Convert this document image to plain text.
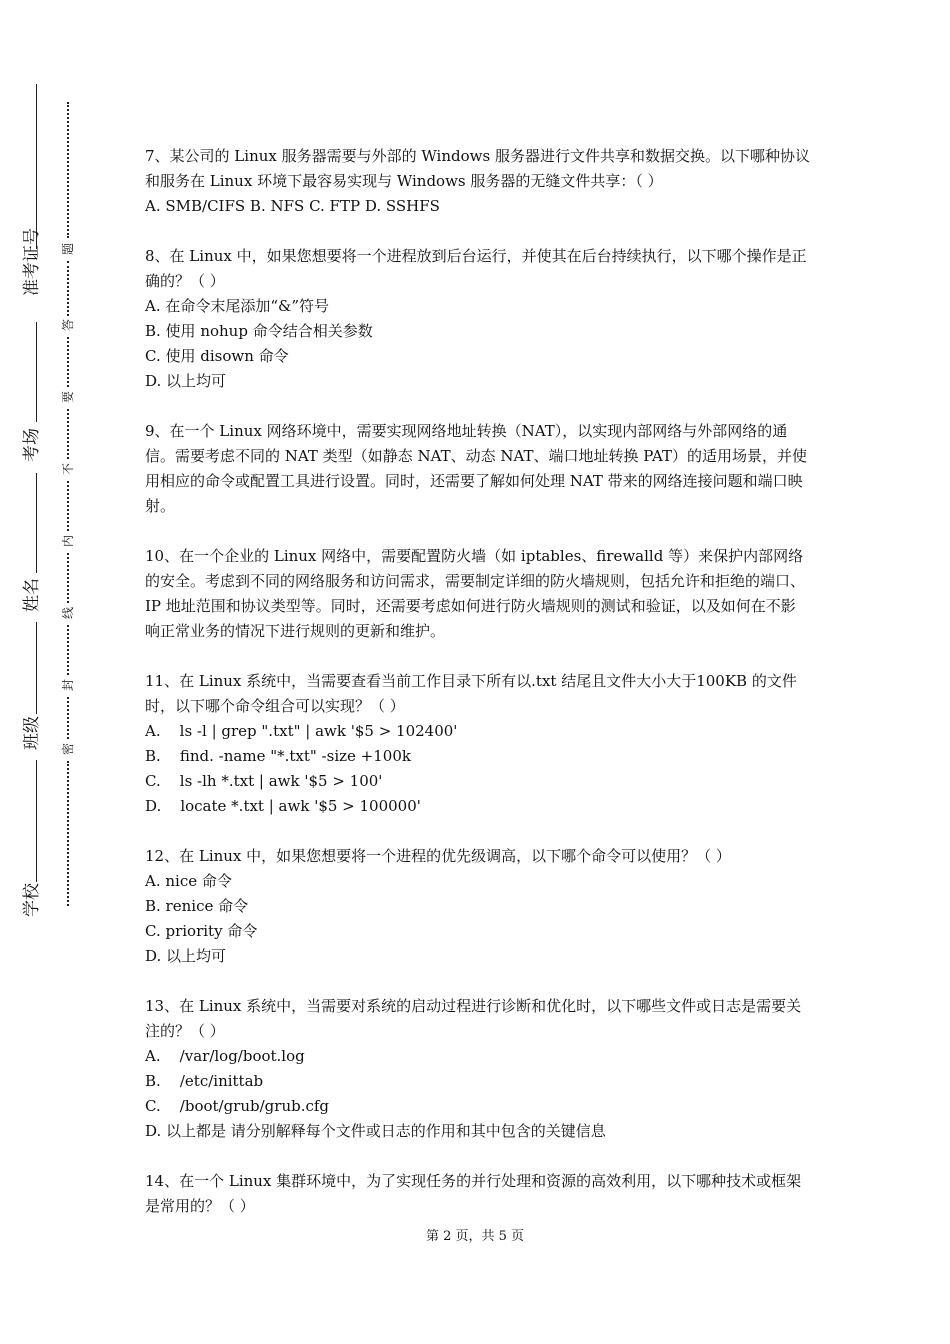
准考证号
考场
姓名
班级
学校
题
答
要
不
内
线
封
密

7、某公司的 Linux 服务器需要与外部的 Windows 服务器进行文件共享和数据交换。以下哪种协议和服务在 Linux 环境下最容易实现与 Windows 服务器的无缝文件共享：（ ）

A. SMB/CIFS B. NFS C. FTP D. SSHFS

8、在 Linux 中，如果您想要将一个进程放到后台运行，并使其在后台持续执行，以下哪个操作是正确的？（ ）

A. 在命令末尾添加“&”符号

B. 使用 nohup 命令结合相关参数

C. 使用 disown 命令

D. 以上均可

9、在一个 Linux 网络环境中，需要实现网络地址转换（NAT），以实现内部网络与外部网络的通信。需要考虑不同的 NAT 类型（如静态 NAT、动态 NAT、端口地址转换 PAT）的适用场景，并使用相应的命令或配置工具进行设置。同时，还需要了解如何处理 NAT 带来的网络连接问题和端口映射。

10、在一个企业的 Linux 网络中，需要配置防火墙（如 iptables、firewalld 等）来保护内部网络的安全。考虑到不同的网络服务和访问需求，需要制定详细的防火墙规则，包括允许和拒绝的端口、IP 地址范围和协议类型等。同时，还需要考虑如何进行防火墙规则的测试和验证，以及如何在不影响正常业务的情况下进行规则的更新和维护。

11、在 Linux 系统中，当需要查看当前工作目录下所有以.txt 结尾且文件大小大于100KB 的文件时，以下哪个命令组合可以实现？（ ）

A.    ls -l | grep ".txt" | awk '$5 > 102400'

B.    find. -name "*.txt" -size +100k

C.    ls -lh *.txt | awk '$5 > 100'

D.    locate *.txt | awk '$5 > 100000'

12、在 Linux 中，如果您想要将一个进程的优先级调高，以下哪个命令可以使用？（ ）

A. nice 命令

B. renice 命令

C. priority 命令

D. 以上均可

13、在 Linux 系统中，当需要对系统的启动过程进行诊断和优化时，以下哪些文件或日志是需要关注的？（ ）

A.    /var/log/boot.log

B.    /etc/inittab

C.    /boot/grub/grub.cfg

D. 以上都是 请分别解释每个文件或日志的作用和其中包含的关键信息

14、在一个 Linux 集群环境中，为了实现任务的并行处理和资源的高效利用，以下哪种技术或框架是常用的？（ ）

第 2 页，共 5 页
